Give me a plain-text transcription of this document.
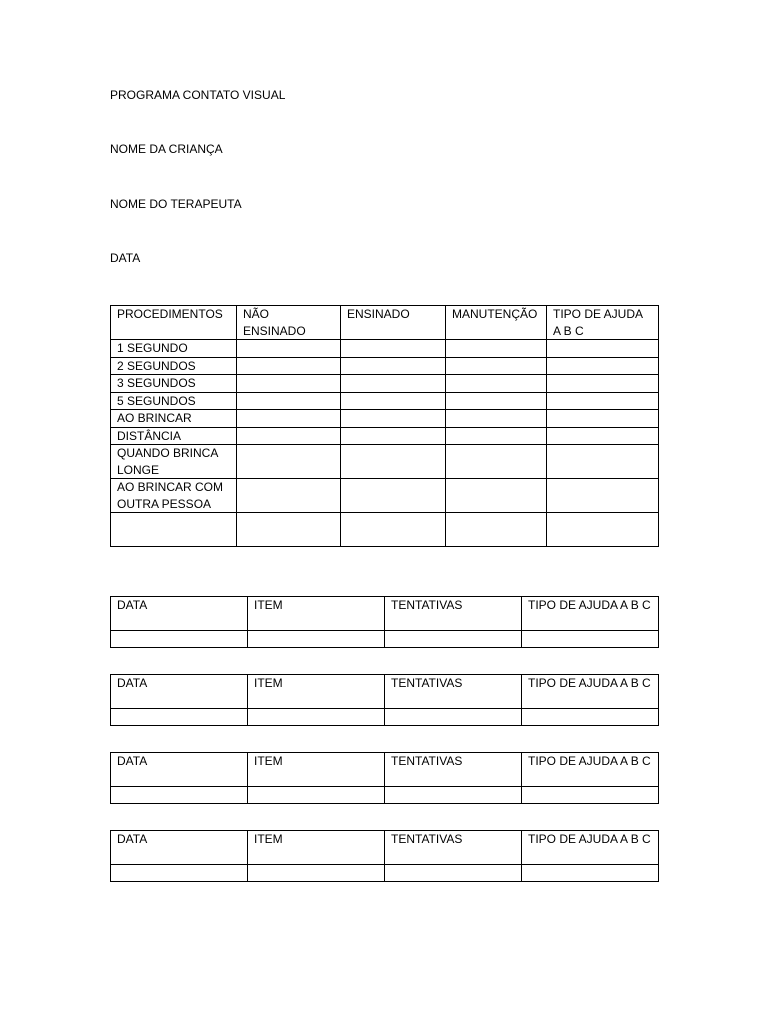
PROGRAMA CONTATO VISUAL

NOME DA CRIANÇA

NOME DO TERAPEUTA

DATA

PROCEDIMENTOS	NÃO ENSINADO	ENSINADO	MANUTENÇÃO	TIPO DE AJUDA A B C

1 SEGUNDO				
2 SEGUNDOS				
3 SEGUNDOS				
5 SEGUNDOS				
AO BRINCAR				
DISTÂNCIA				
QUANDO BRINCA LONGE				
AO BRINCAR COM OUTRA PESSOA				

DATA	ITEM	TENTATIVAS	TIPO DE AJUDA A B C

DATA	ITEM	TENTATIVAS	TIPO DE AJUDA A B C

DATA	ITEM	TENTATIVAS	TIPO DE AJUDA A B C

DATA	ITEM	TENTATIVAS	TIPO DE AJUDA A B C
